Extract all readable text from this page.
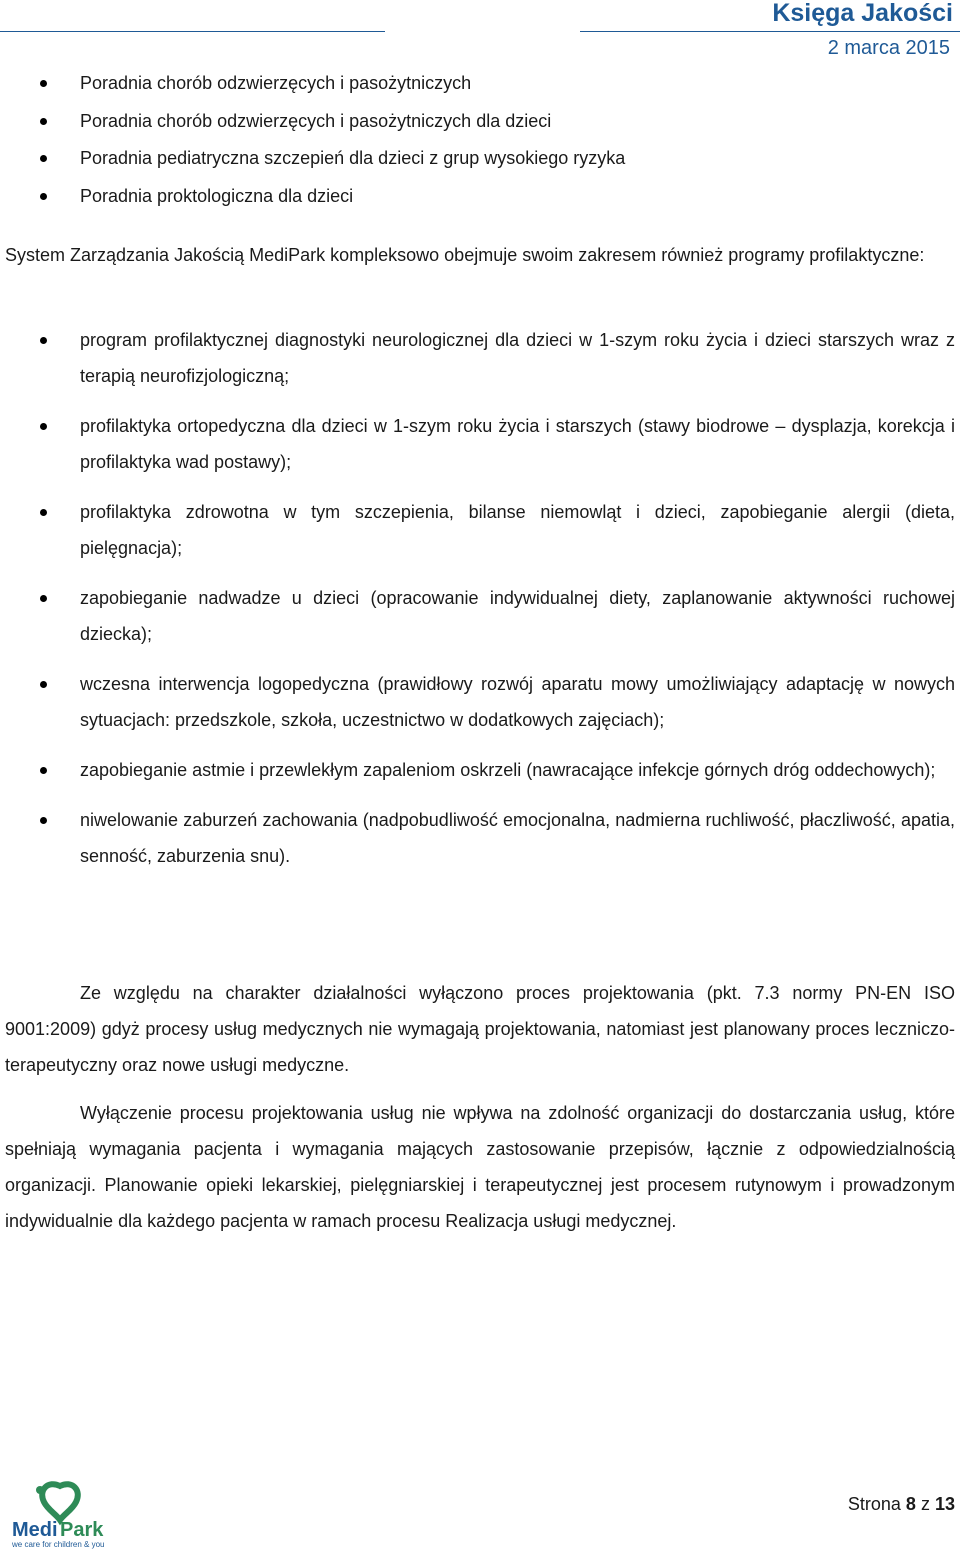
Księga Jakości
2 marca 2015
Poradnia chorób odzwierzęcych i pasożytniczych
Poradnia chorób odzwierzęcych i pasożytniczych dla dzieci
Poradnia pediatryczna szczepień dla dzieci z grup wysokiego ryzyka
Poradnia proktologiczna dla dzieci

System Zarządzania Jakością MediPark kompleksowo obejmuje swoim zakresem również programy profilaktyczne:

program profilaktycznej diagnostyki neurologicznej dla dzieci w 1-szym roku życia i dzieci starszych wraz z terapią neurofizjologiczną;
profilaktyka ortopedyczna dla dzieci w 1-szym roku życia i starszych (stawy biodrowe – dysplazja, korekcja i profilaktyka wad postawy);
profilaktyka zdrowotna w tym szczepienia, bilanse niemowląt i dzieci, zapobieganie alergii (dieta, pielęgnacja);
zapobieganie nadwadze u dzieci (opracowanie indywidualnej diety, zaplanowanie aktywności ruchowej dziecka);
wczesna interwencja logopedyczna (prawidłowy rozwój aparatu mowy umożliwiający adaptację w nowych sytuacjach: przedszkole, szkoła, uczestnictwo w dodatkowych zajęciach);
zapobieganie astmie i przewlekłym zapaleniom oskrzeli (nawracające infekcje górnych dróg oddechowych);
niwelowanie zaburzeń zachowania (nadpobudliwość emocjonalna, nadmierna ruchliwość, płaczliwość, apatia, senność, zaburzenia snu).

Ze względu na charakter działalności wyłączono proces projektowania (pkt. 7.3 normy PN-EN ISO 9001:2009) gdyż procesy usług medycznych nie wymagają projektowania, natomiast jest planowany proces leczniczo-terapeutyczny oraz nowe usługi medyczne.

Wyłączenie procesu projektowania usług nie wpływa na zdolność organizacji do dostarczania usług, które spełniają wymagania pacjenta i wymagania mających zastosowanie przepisów, łącznie z odpowiedzialnością organizacji. Planowanie opieki lekarskiej, pielęgniarskiej i terapeutycznej jest procesem rutynowym i prowadzonym indywidualnie dla każdego pacjenta w ramach procesu Realizacja usługi medycznej.

Medi Park
we care for children & you
Strona 8 z 13
